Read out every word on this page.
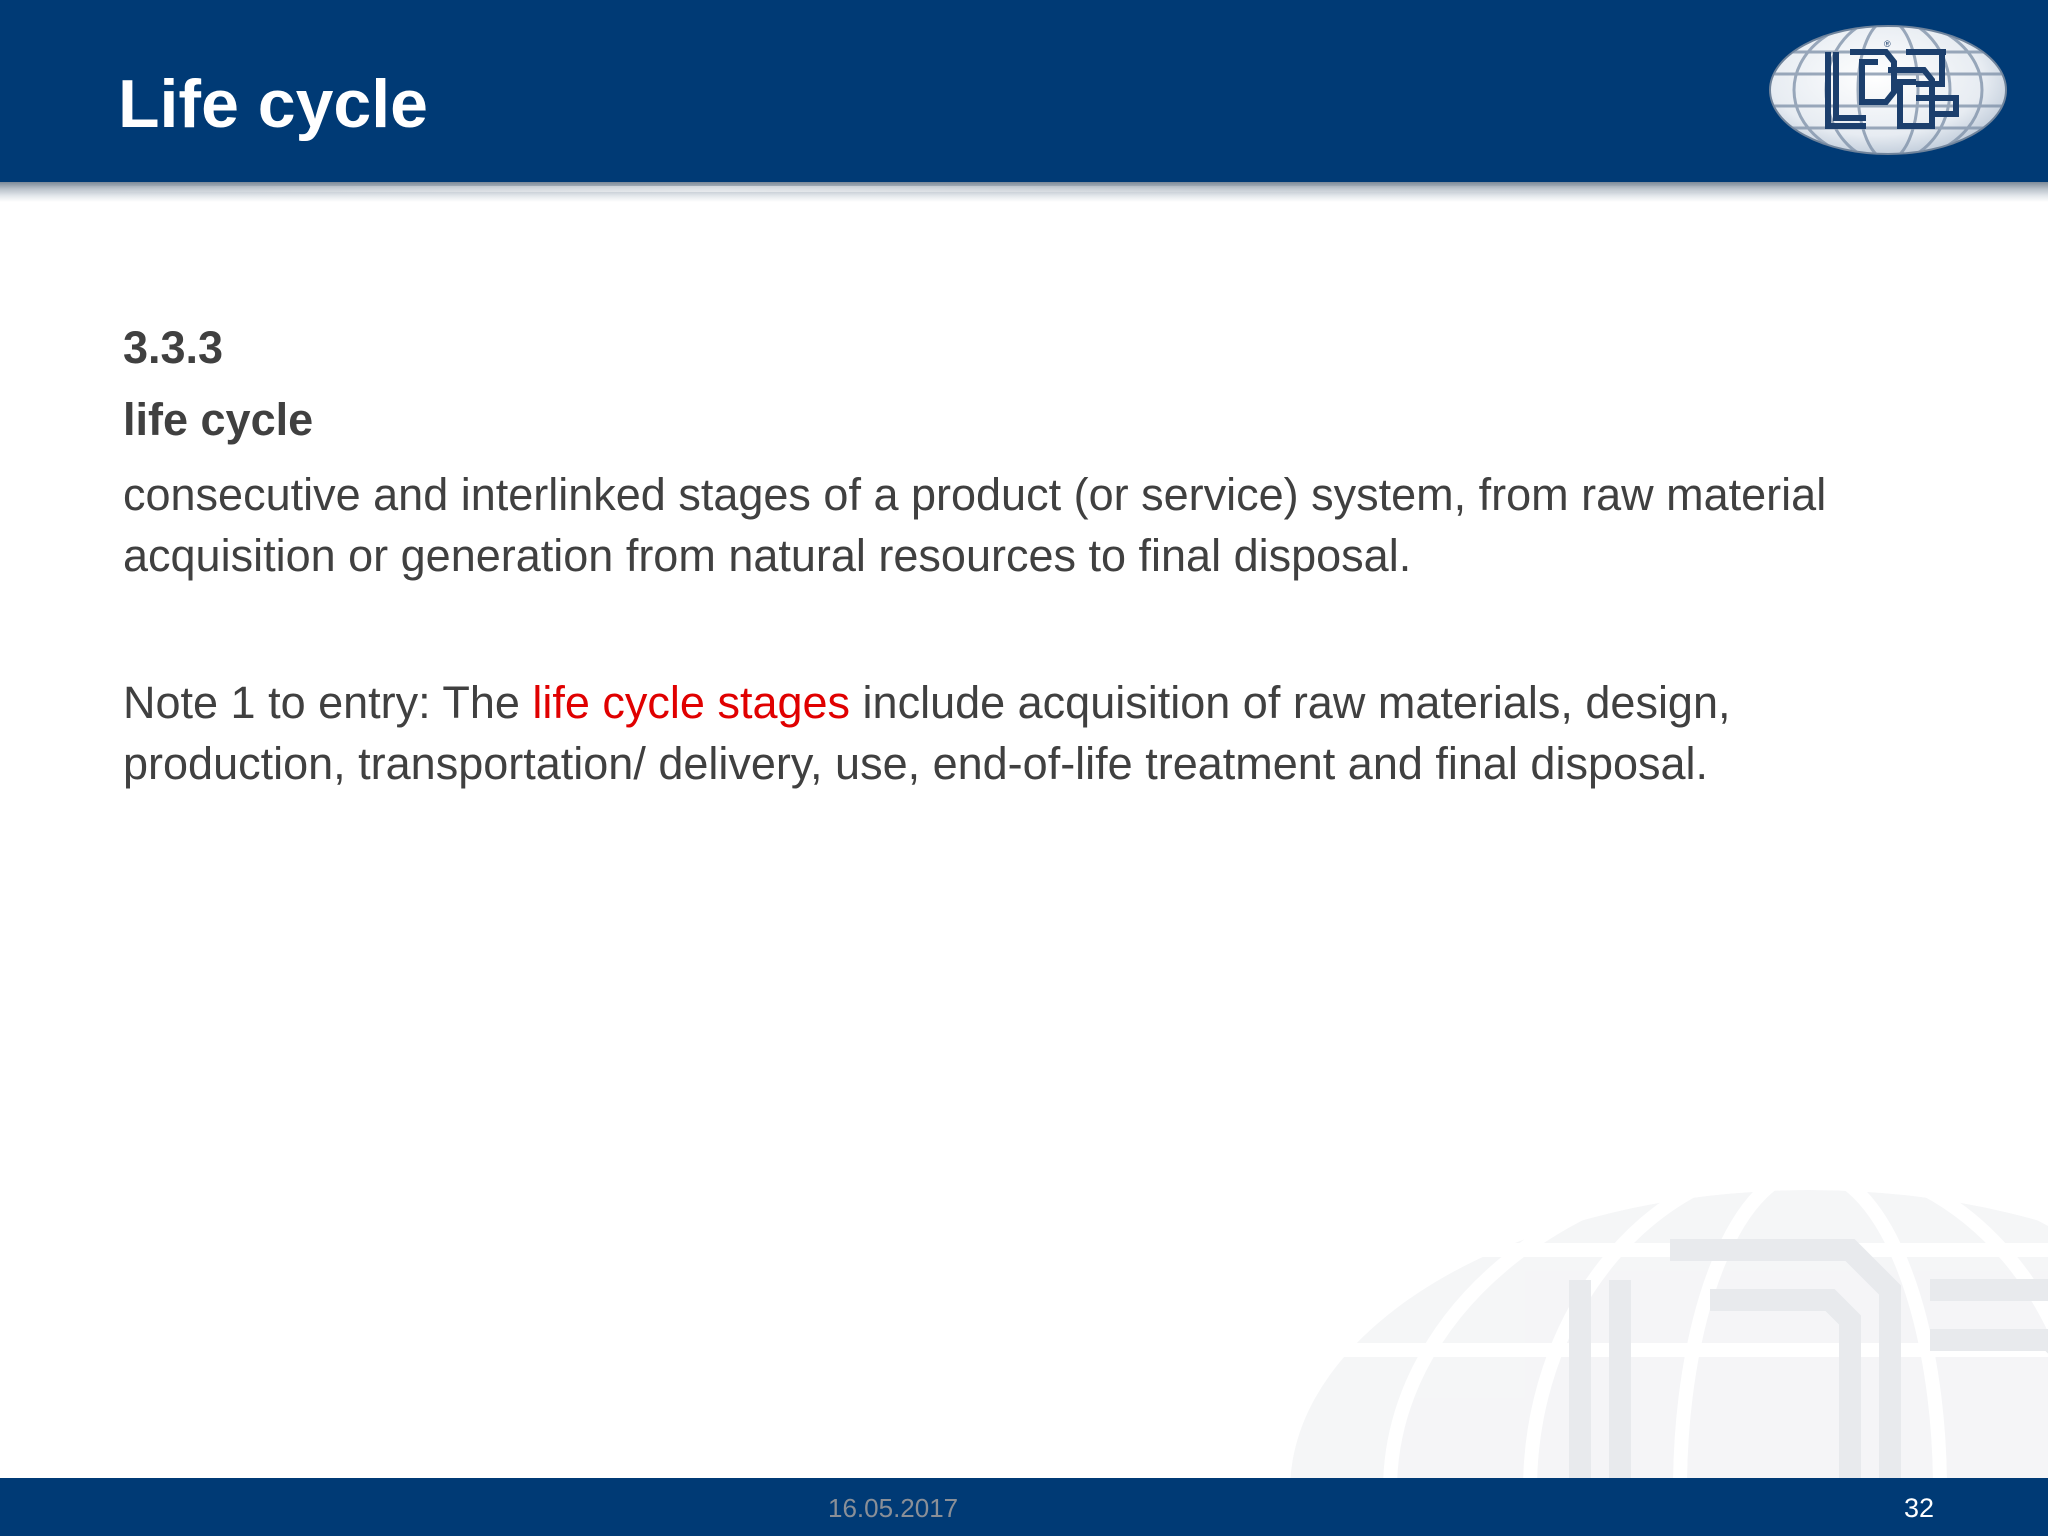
Life cycle
®

3.3.3

life cycle

consecutive and interlinked stages of a product (or service) system, from raw material acquisition or generation from natural resources to final disposal.

Note 1 to entry: The life cycle stages include acquisition of raw materials, design, production, transportation/ delivery, use, end-of-life treatment and final disposal.

16.05.2017	32
